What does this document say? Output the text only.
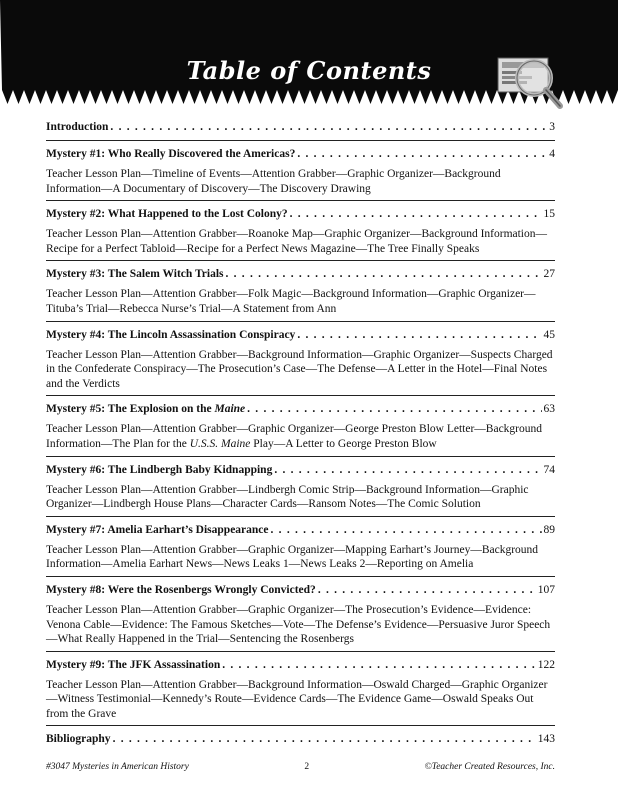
Table of Contents
Introduction . . .	3
Mystery #1: Who Really Discovered the Americas? . . .	4
Teacher Lesson Plan—Timeline of Events—Attention Grabber—Graphic Organizer—Background Information—A Documentary of Discovery—The Discovery Drawing
Mystery #2: What Happened to the Lost Colony? . . .	15
Teacher Lesson Plan—Attention Grabber—Roanoke Map—Graphic Organizer—Background Information—Recipe for a Perfect Tabloid—Recipe for a Perfect News Magazine—The Tree Finally Speaks
Mystery #3: The Salem Witch Trials . . .	27
Teacher Lesson Plan—Attention Grabber—Folk Magic—Background Information—Graphic Organizer—Tituba’s Trial—Rebecca Nurse’s Trial—A Statement from Ann
Mystery #4: The Lincoln Assassination Conspiracy . . .	45
Teacher Lesson Plan—Attention Grabber—Background Information—Graphic Organizer—Suspects Charged in the Confederate Conspiracy—The Prosecution’s Case—The Defense—A Letter in the Hotel—Final Notes and the Verdicts
Mystery #5: The Explosion on the Maine . . .	63
Teacher Lesson Plan—Attention Grabber—Graphic Organizer—George Preston Blow Letter—Background Information—The Plan for the U.S.S. Maine Play—A Letter to George Preston Blow
Mystery #6: The Lindbergh Baby Kidnapping . . .	74
Teacher Lesson Plan—Attention Grabber—Lindbergh Comic Strip—Background Information—Graphic Organizer—Lindbergh House Plans—Character Cards—Ransom Notes—The Comic Solution
Mystery #7: Amelia Earhart’s Disappearance . . .	89
Teacher Lesson Plan—Attention Grabber—Graphic Organizer—Mapping Earhart’s Journey—Background Information—Amelia Earhart News—News Leaks 1—News Leaks 2—Reporting on Amelia
Mystery #8: Were the Rosenbergs Wrongly Convicted? . . .	107
Teacher Lesson Plan—Attention Grabber—Graphic Organizer—The Prosecution’s Evidence—Evidence: Venona Cable—Evidence: The Famous Sketches—Vote—The Defense’s Evidence—Persuasive Juror Speech—What Really Happened in the Trial—Sentencing the Rosenbergs
Mystery #9: The JFK Assassination . . .	122
Teacher Lesson Plan—Attention Grabber—Background Information—Oswald Charged—Graphic Organizer—Witness Testimonial—Kennedy’s Route—Evidence Cards—The Evidence Game—Oswald Speaks Out from the Grave
Bibliography . . .	143
#3047 Mysteries in American History	2	©Teacher Created Resources, Inc.
